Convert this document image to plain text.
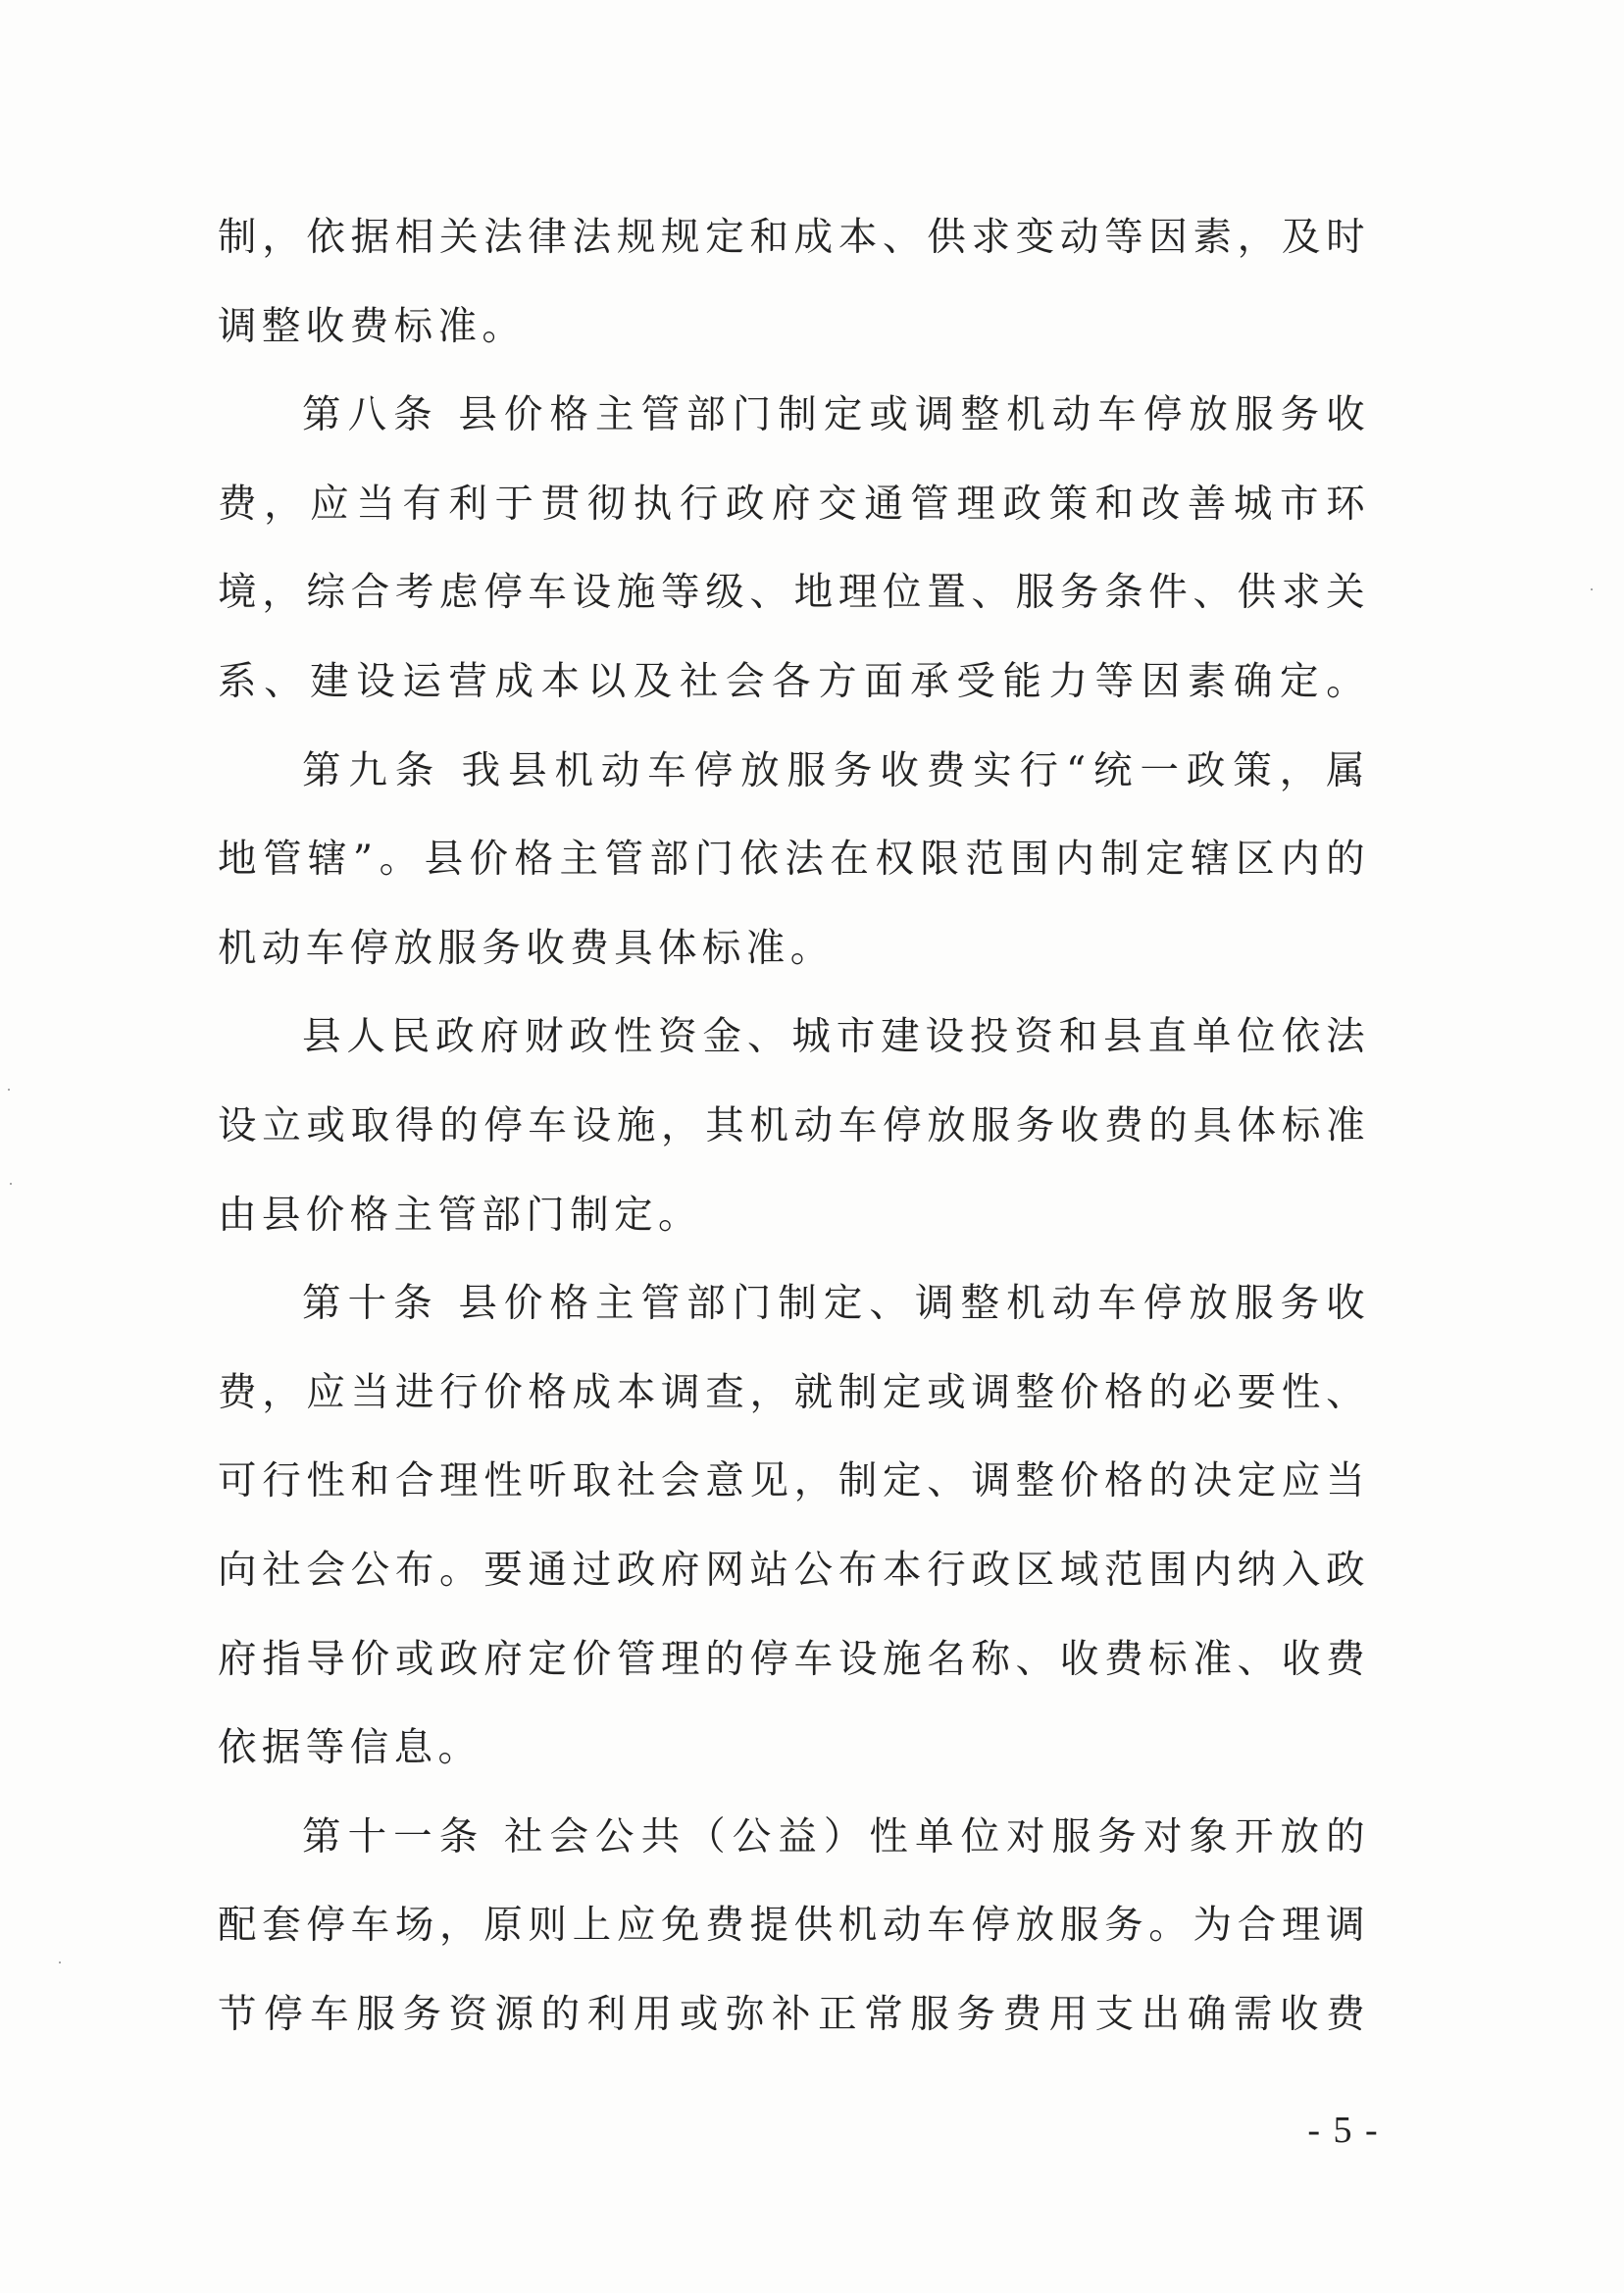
制，依据相关法律法规规定和成本、供求变动等因素，及时
调整收费标准。
第八条 县价格主管部门制定或调整机动车停放服务收
费，应当有利于贯彻执行政府交通管理政策和改善城市环
境，综合考虑停车设施等级、地理位置、服务条件、供求关
系、建设运营成本以及社会各方面承受能力等因素确定。
第九条 我县机动车停放服务收费实行“统一政策，属
地管辖”。县价格主管部门依法在权限范围内制定辖区内的
机动车停放服务收费具体标准。
县人民政府财政性资金、城市建设投资和县直单位依法
设立或取得的停车设施，其机动车停放服务收费的具体标准
由县价格主管部门制定。
第十条 县价格主管部门制定、调整机动车停放服务收
费，应当进行价格成本调查，就制定或调整价格的必要性、
可行性和合理性听取社会意见，制定、调整价格的决定应当
向社会公布。要通过政府网站公布本行政区域范围内纳入政
府指导价或政府定价管理的停车设施名称、收费标准、收费
依据等信息。
第十一条 社会公共（公益）性单位对服务对象开放的
配套停车场，原则上应免费提供机动车停放服务。为合理调
节停车服务资源的利用或弥补正常服务费用支出确需收费
- 5 -
